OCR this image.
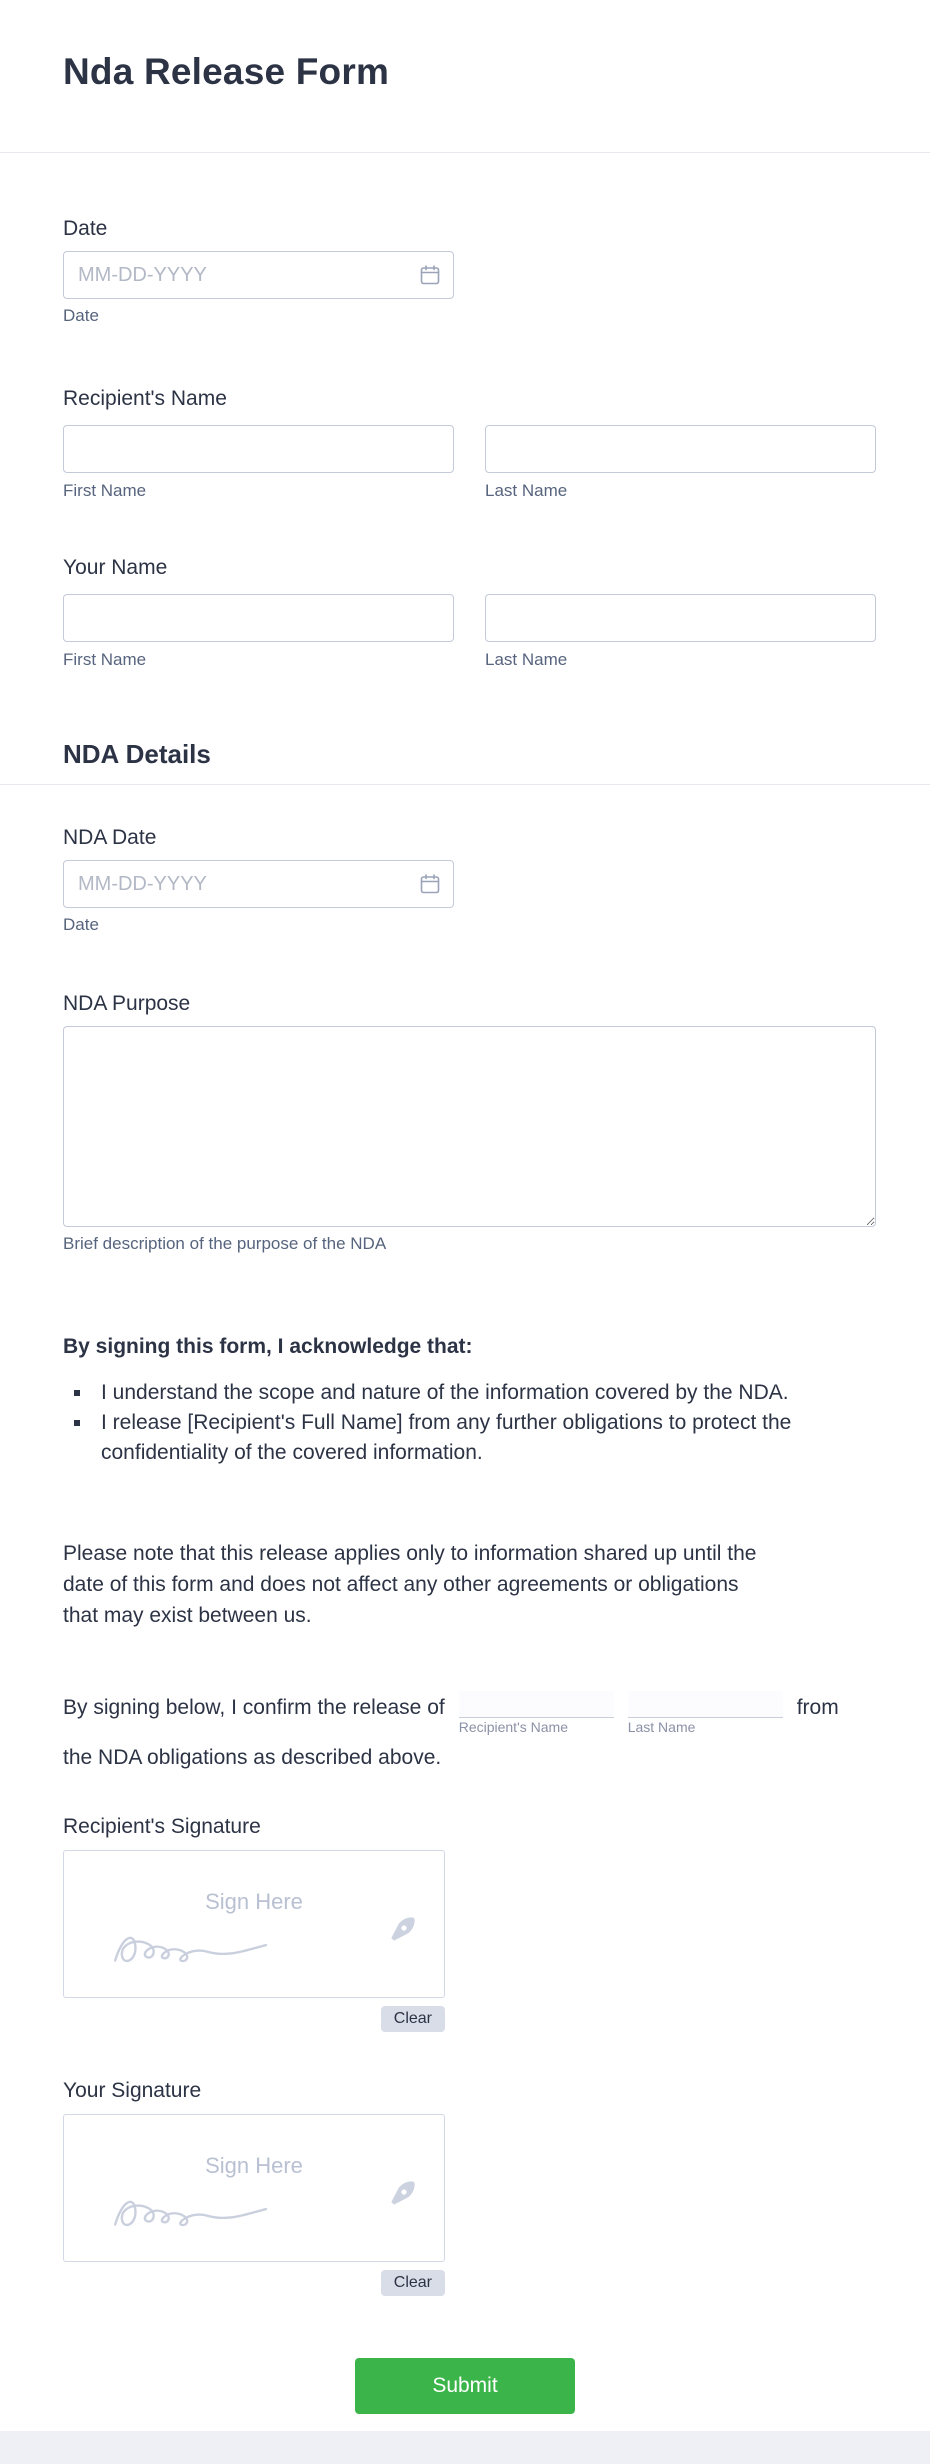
Nda Release Form
Date
MM-DD-YYYY
Date
Recipient's Name
First Name	Last Name
Your Name
First Name	Last Name
NDA Details
NDA Date
MM-DD-YYYY
Date
NDA Purpose
Brief description of the purpose of the NDA
By signing this form, I acknowledge that:
▪ I understand the scope and nature of the information covered by the NDA.
▪ I release [Recipient's Full Name] from any further obligations to protect the confidentiality of the covered information.

Please note that this release applies only to information shared up until the date of this form and does not affect any other agreements or obligations that may exist between us.

By signing below, I confirm the release of
Recipient's Name	Last Name
from
the NDA obligations as described above.
Recipient's Signature
Sign Here
Clear
Your Signature
Sign Here
Clear
Submit
